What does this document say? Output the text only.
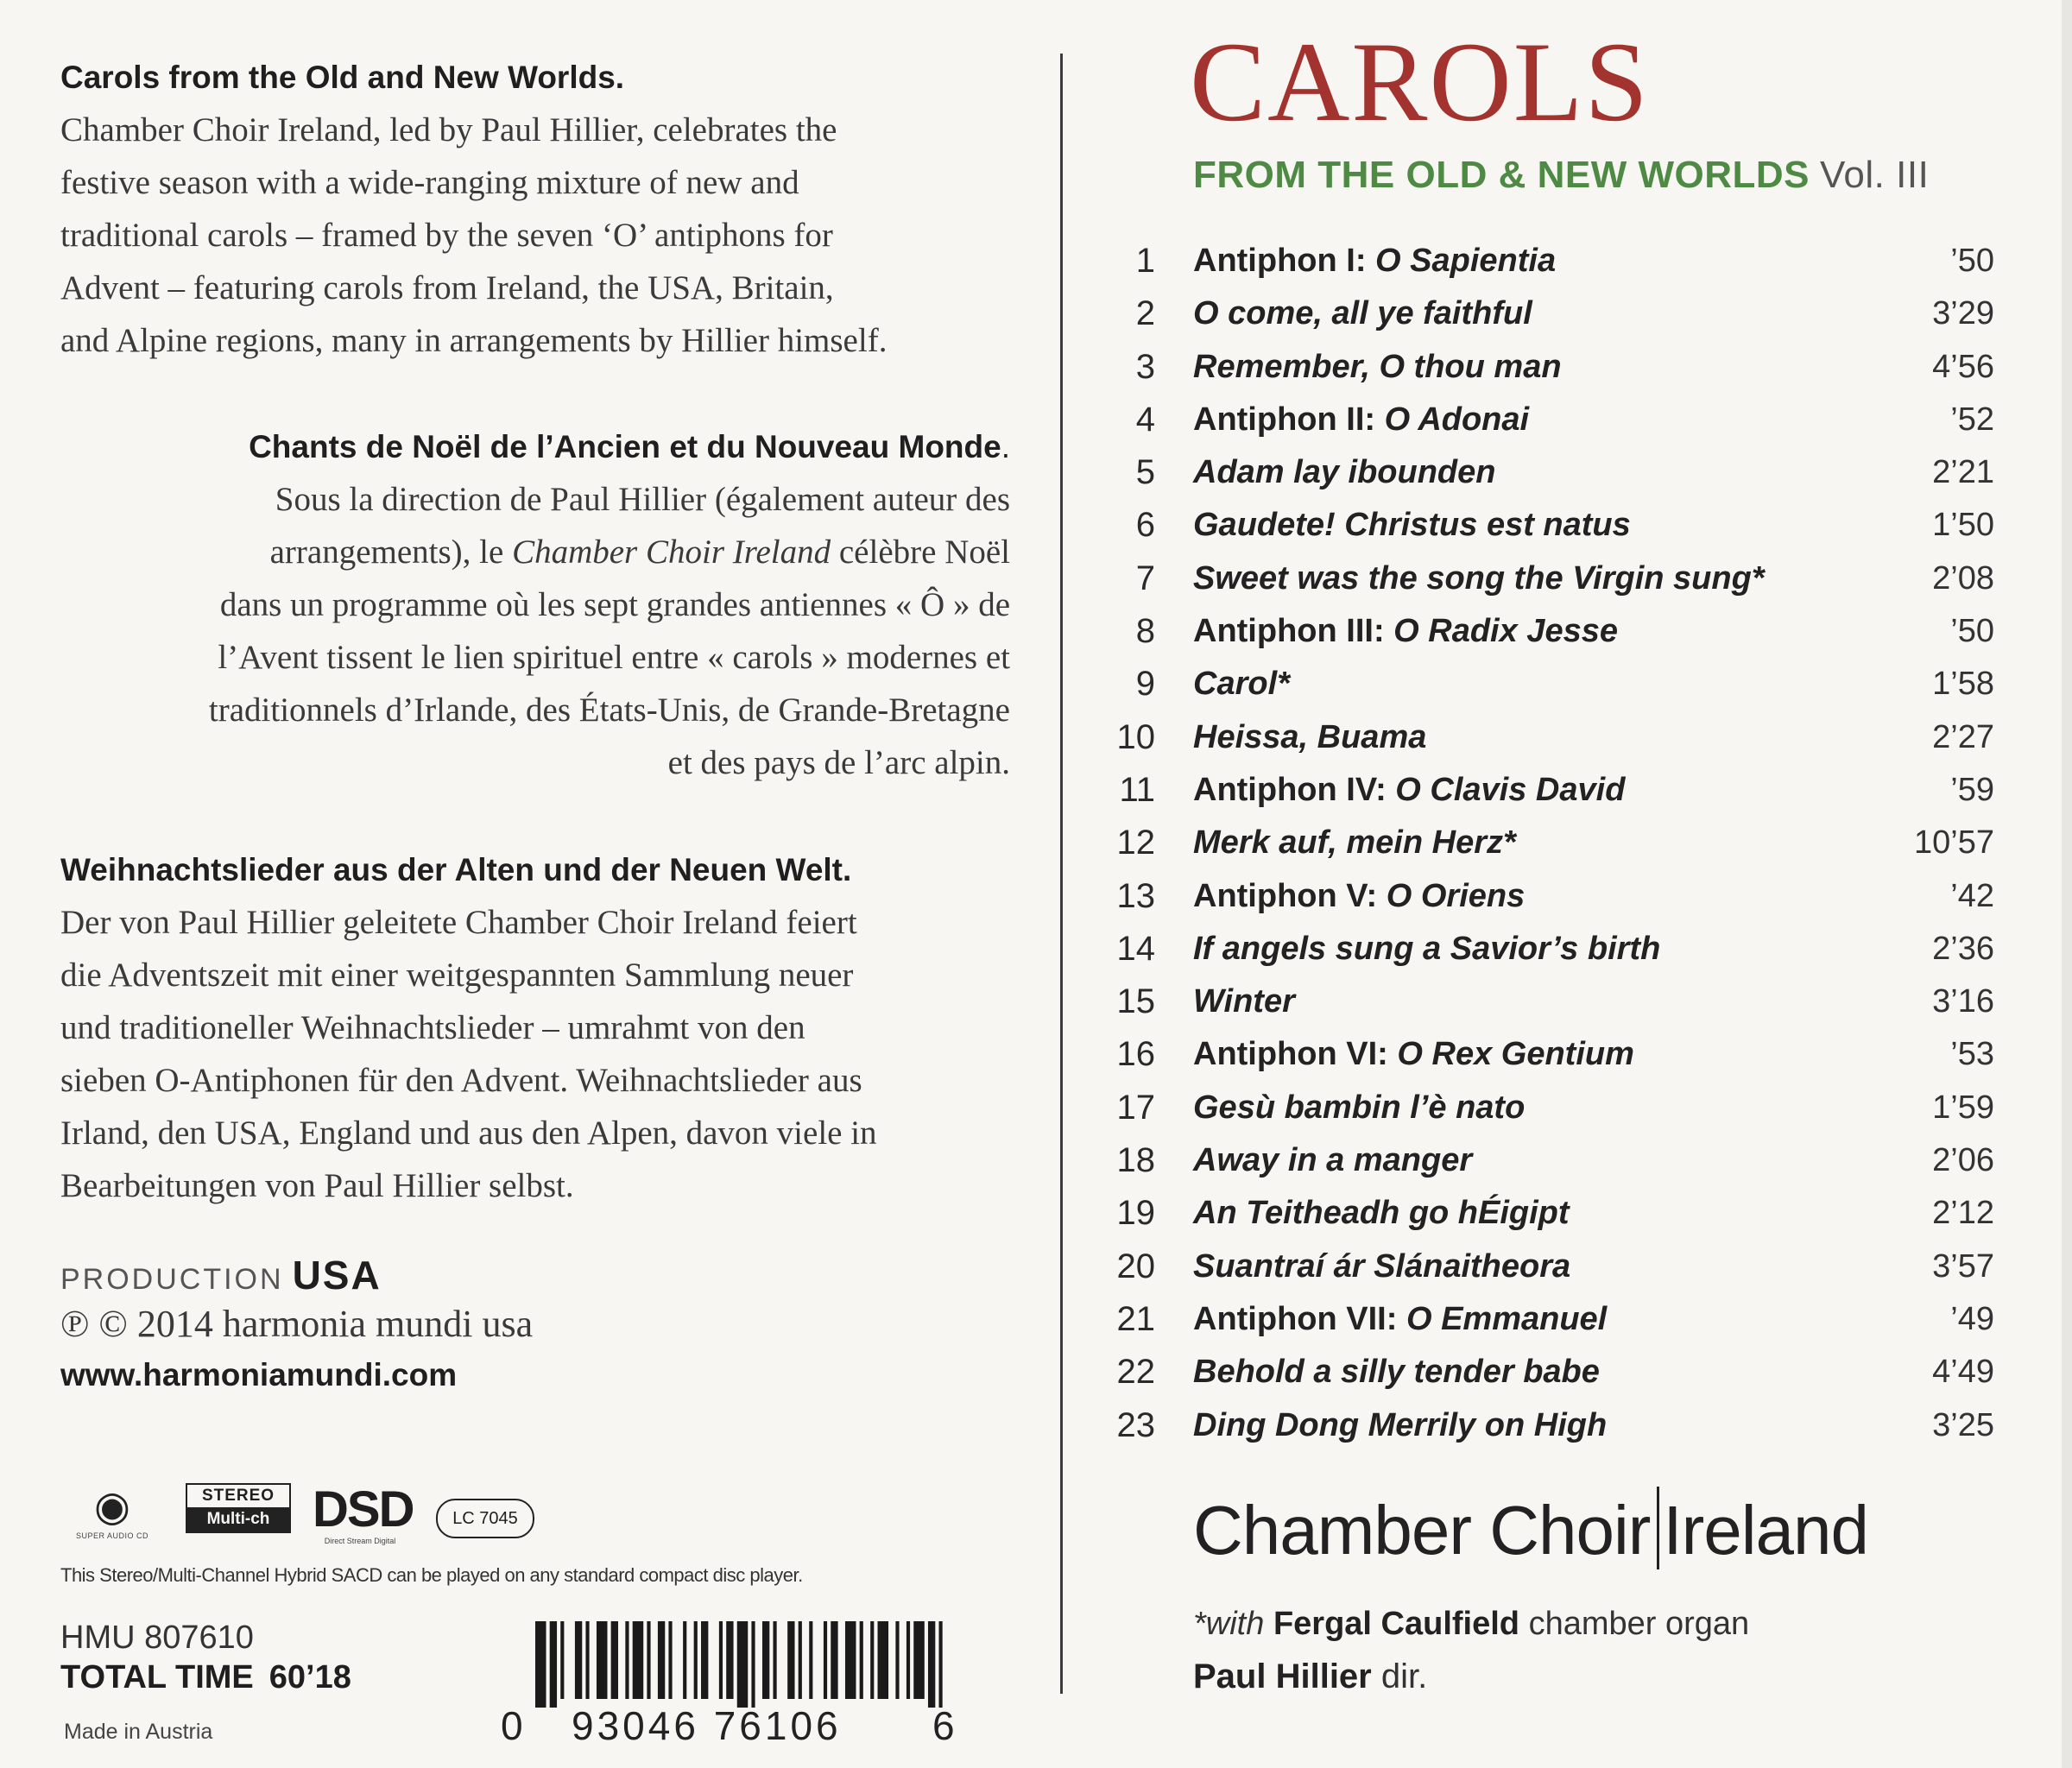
Carols from the Old and New Worlds.
Chamber Choir Ireland, led by Paul Hillier, celebrates the
festive season with a wide-ranging mixture of new and
traditional carols – framed by the seven ‘O’ antiphons for
Advent – featuring carols from Ireland, the USA, Britain,
and Alpine regions, many in arrangements by Hillier himself.
Chants de Noël de l’Ancien et du Nouveau Monde.
Sous la direction de Paul Hillier (également auteur des
arrangements), le Chamber Choir Ireland célèbre Noël
dans un programme où les sept grandes antiennes « Ô » de
l’Avent tissent le lien spirituel entre « carols » modernes et
traditionnels d’Irlande, des États-Unis, de Grande-Bretagne
et des pays de l’arc alpin.
Weihnachtslieder aus der Alten und der Neuen Welt.
Der von Paul Hillier geleitete Chamber Choir Ireland feiert
die Adventszeit mit einer weitgespannten Sammlung neuer
und traditioneller Weihnachtslieder – umrahmt von den
sieben O-Antiphonen für den Advent. Weihnachtslieder aus
Irland, den USA, England und aus den Alpen, davon viele in
Bearbeitungen von Paul Hillier selbst.
PRODUCTION USA
℗ © 2014 harmonia mundi usa
www.harmoniamundi.com
◉
SUPER AUDIO CD
STEREO
Multi-ch DSD
Direct Stream Digital
LC 7045
This Stereo/Multi-Channel Hybrid SACD can be played on any standard compact disc player.
HMU 807610
TOTAL TIME 60’18
Made in Austria	0 93046 76106 6
CAROLS
FROM THE OLD & NEW WORLDS Vol. III
1 Antiphon I: O Sapientia	’50
2 O come, all ye faithful	3’29
3 Remember, O thou man	4’56
4 Antiphon II: O Adonai	’52
5 Adam lay ibounden	2’21
6 Gaudete! Christus est natus	1’50
7 Sweet was the song the Virgin sung*	2’08
8 Antiphon III: O Radix Jesse	’50
9 Carol*	1’58
10 Heissa, Buama	2’27
11 Antiphon IV: O Clavis David	’59
12 Merk auf, mein Herz*	10’57
13 Antiphon V: O Oriens	’42
14 If angels sung a Savior’s birth	2’36
15 Winter	3’16
16 Antiphon VI: O Rex Gentium	’53
17 Gesù bambin l’è nato	1’59
18 Away in a manger	2’06
19 An Teitheadh go hÉigipt	2’12
20 Suantraí ár Slánaitheora	3’57
21 Antiphon VII: O Emmanuel	’49
22 Behold a silly tender babe	4’49
23 Ding Dong Merrily on High	3’25
Chamber Choir Ireland
*with Fergal Caulfield chamber organ
Paul Hillier dir.
